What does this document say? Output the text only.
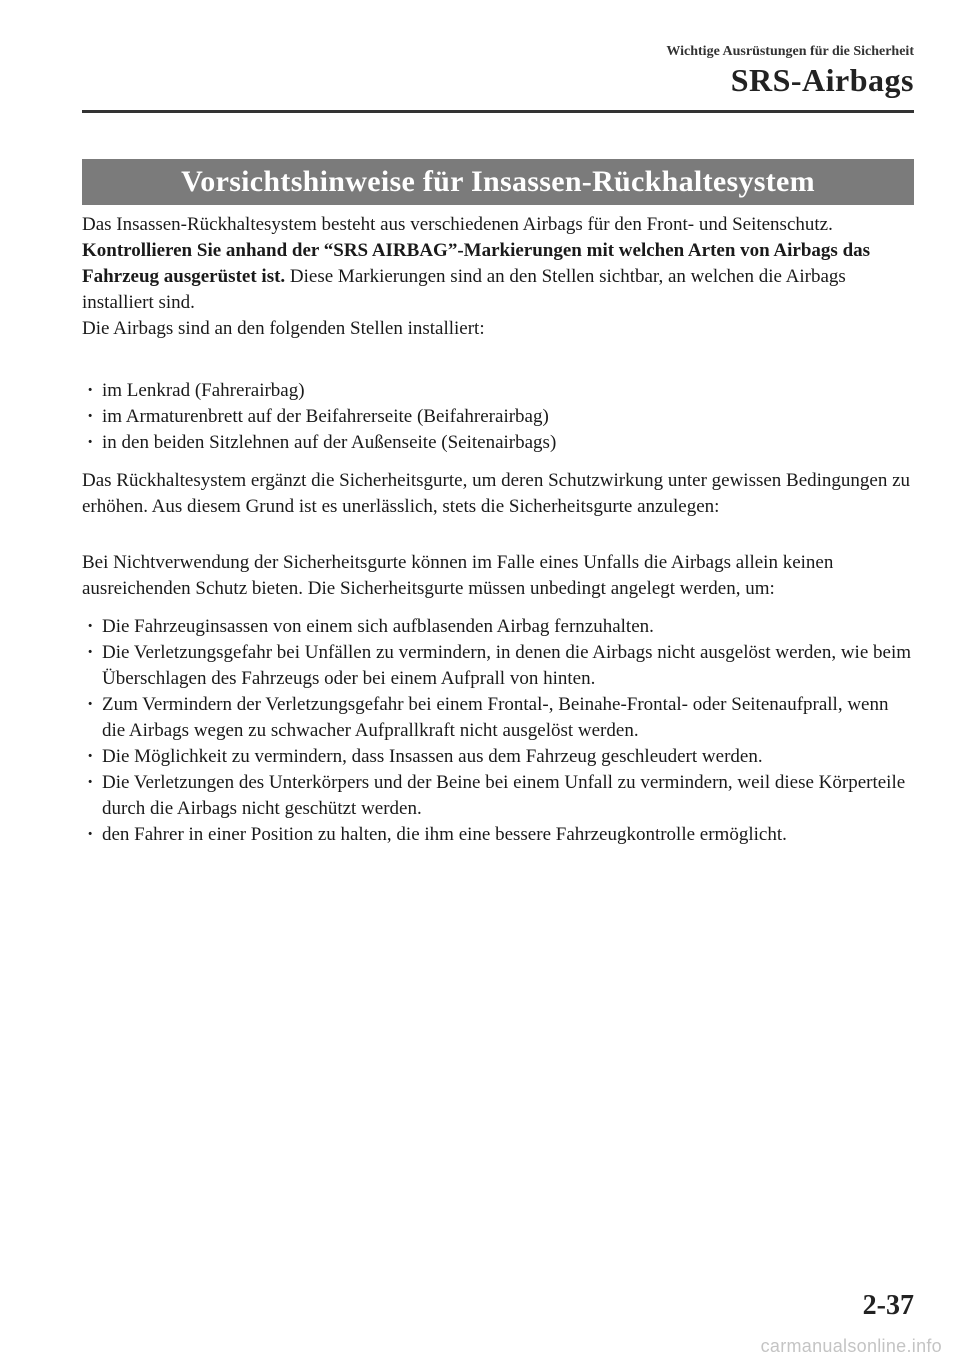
Wichtige Ausrüstungen für die Sicherheit
SRS-Airbags
Vorsichtshinweise für Insassen-Rückhaltesystem

Das Insassen-Rückhaltesystem besteht aus verschiedenen Airbags für den Front- und Seitenschutz. Kontrollieren Sie anhand der “SRS AIRBAG”-Markierungen mit welchen Arten von Airbags das Fahrzeug ausgerüstet ist. Diese Markierungen sind an den Stellen sichtbar, an welchen die Airbags installiert sind.

Die Airbags sind an den folgenden Stellen installiert:

· im Lenkrad (Fahrerairbag)
· im Armaturenbrett auf der Beifahrerseite (Beifahrerairbag)
· in den beiden Sitzlehnen auf der Außenseite (Seitenairbags)

Das Rückhaltesystem ergänzt die Sicherheitsgurte, um deren Schutzwirkung unter gewissen Bedingungen zu erhöhen. Aus diesem Grund ist es unerlässlich, stets die Sicherheitsgurte anzulegen:

Bei Nichtverwendung der Sicherheitsgurte können im Falle eines Unfalls die Airbags allein keinen ausreichenden Schutz bieten. Die Sicherheitsgurte müssen unbedingt angelegt werden, um:

· Die Fahrzeuginsassen von einem sich aufblasenden Airbag fernzuhalten.
· Die Verletzungsgefahr bei Unfällen zu vermindern, in denen die Airbags nicht ausgelöst werden, wie beim Überschlagen des Fahrzeugs oder bei einem Aufprall von hinten.
· Zum Vermindern der Verletzungsgefahr bei einem Frontal-, Beinahe-Frontal- oder Seitenaufprall, wenn die Airbags wegen zu schwacher Aufprallkraft nicht ausgelöst werden.
· Die Möglichkeit zu vermindern, dass Insassen aus dem Fahrzeug geschleudert werden.
· Die Verletzungen des Unterkörpers und der Beine bei einem Unfall zu vermindern, weil diese Körperteile durch die Airbags nicht geschützt werden.
· den Fahrer in einer Position zu halten, die ihm eine bessere Fahrzeugkontrolle ermöglicht.
2-37
carmanualsonline.info
